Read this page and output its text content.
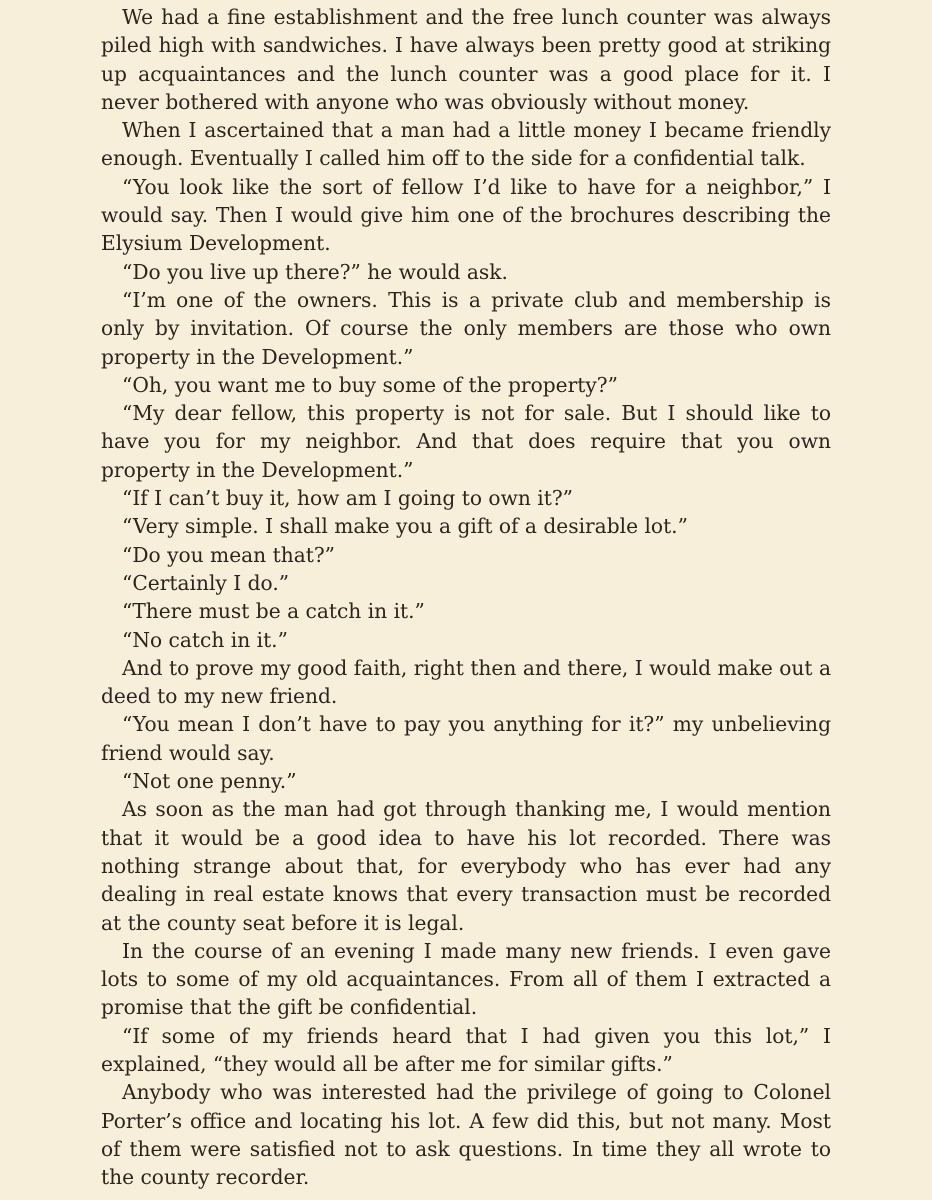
We had a fine establishment and the free lunch counter was always piled high with sandwiches. I have always been pretty good at striking up acquaintances and the lunch counter was a good place for it. I never bothered with anyone who was obviously without money.

When I ascertained that a man had a little money I became friendly enough. Eventually I called him off to the side for a confidential talk.

“You look like the sort of fellow I’d like to have for a neighbor,” I would say. Then I would give him one of the brochures describing the Elysium Development.

“Do you live up there?” he would ask.

“I’m one of the owners. This is a private club and membership is only by invitation. Of course the only members are those who own property in the Development.”

“Oh, you want me to buy some of the property?”

“My dear fellow, this property is not for sale. But I should like to have you for my neighbor. And that does require that you own property in the Development.”

“If I can’t buy it, how am I going to own it?”

“Very simple. I shall make you a gift of a desirable lot.”

“Do you mean that?”

“Certainly I do.”

“There must be a catch in it.”

“No catch in it.”

And to prove my good faith, right then and there, I would make out a deed to my new friend.

“You mean I don’t have to pay you anything for it?” my unbelieving friend would say.

“Not one penny.”

As soon as the man had got through thanking me, I would mention that it would be a good idea to have his lot recorded. There was nothing strange about that, for everybody who has ever had any dealing in real estate knows that every transaction must be recorded at the county seat before it is legal.

In the course of an evening I made many new friends. I even gave lots to some of my old acquaintances. From all of them I extracted a promise that the gift be confidential.

“If some of my friends heard that I had given you this lot,” I explained, “they would all be after me for similar gifts.”

Anybody who was interested had the privilege of going to Colonel Porter’s office and locating his lot. A few did this, but not many. Most of them were satisfied not to ask questions. In time they all wrote to the county recorder.
